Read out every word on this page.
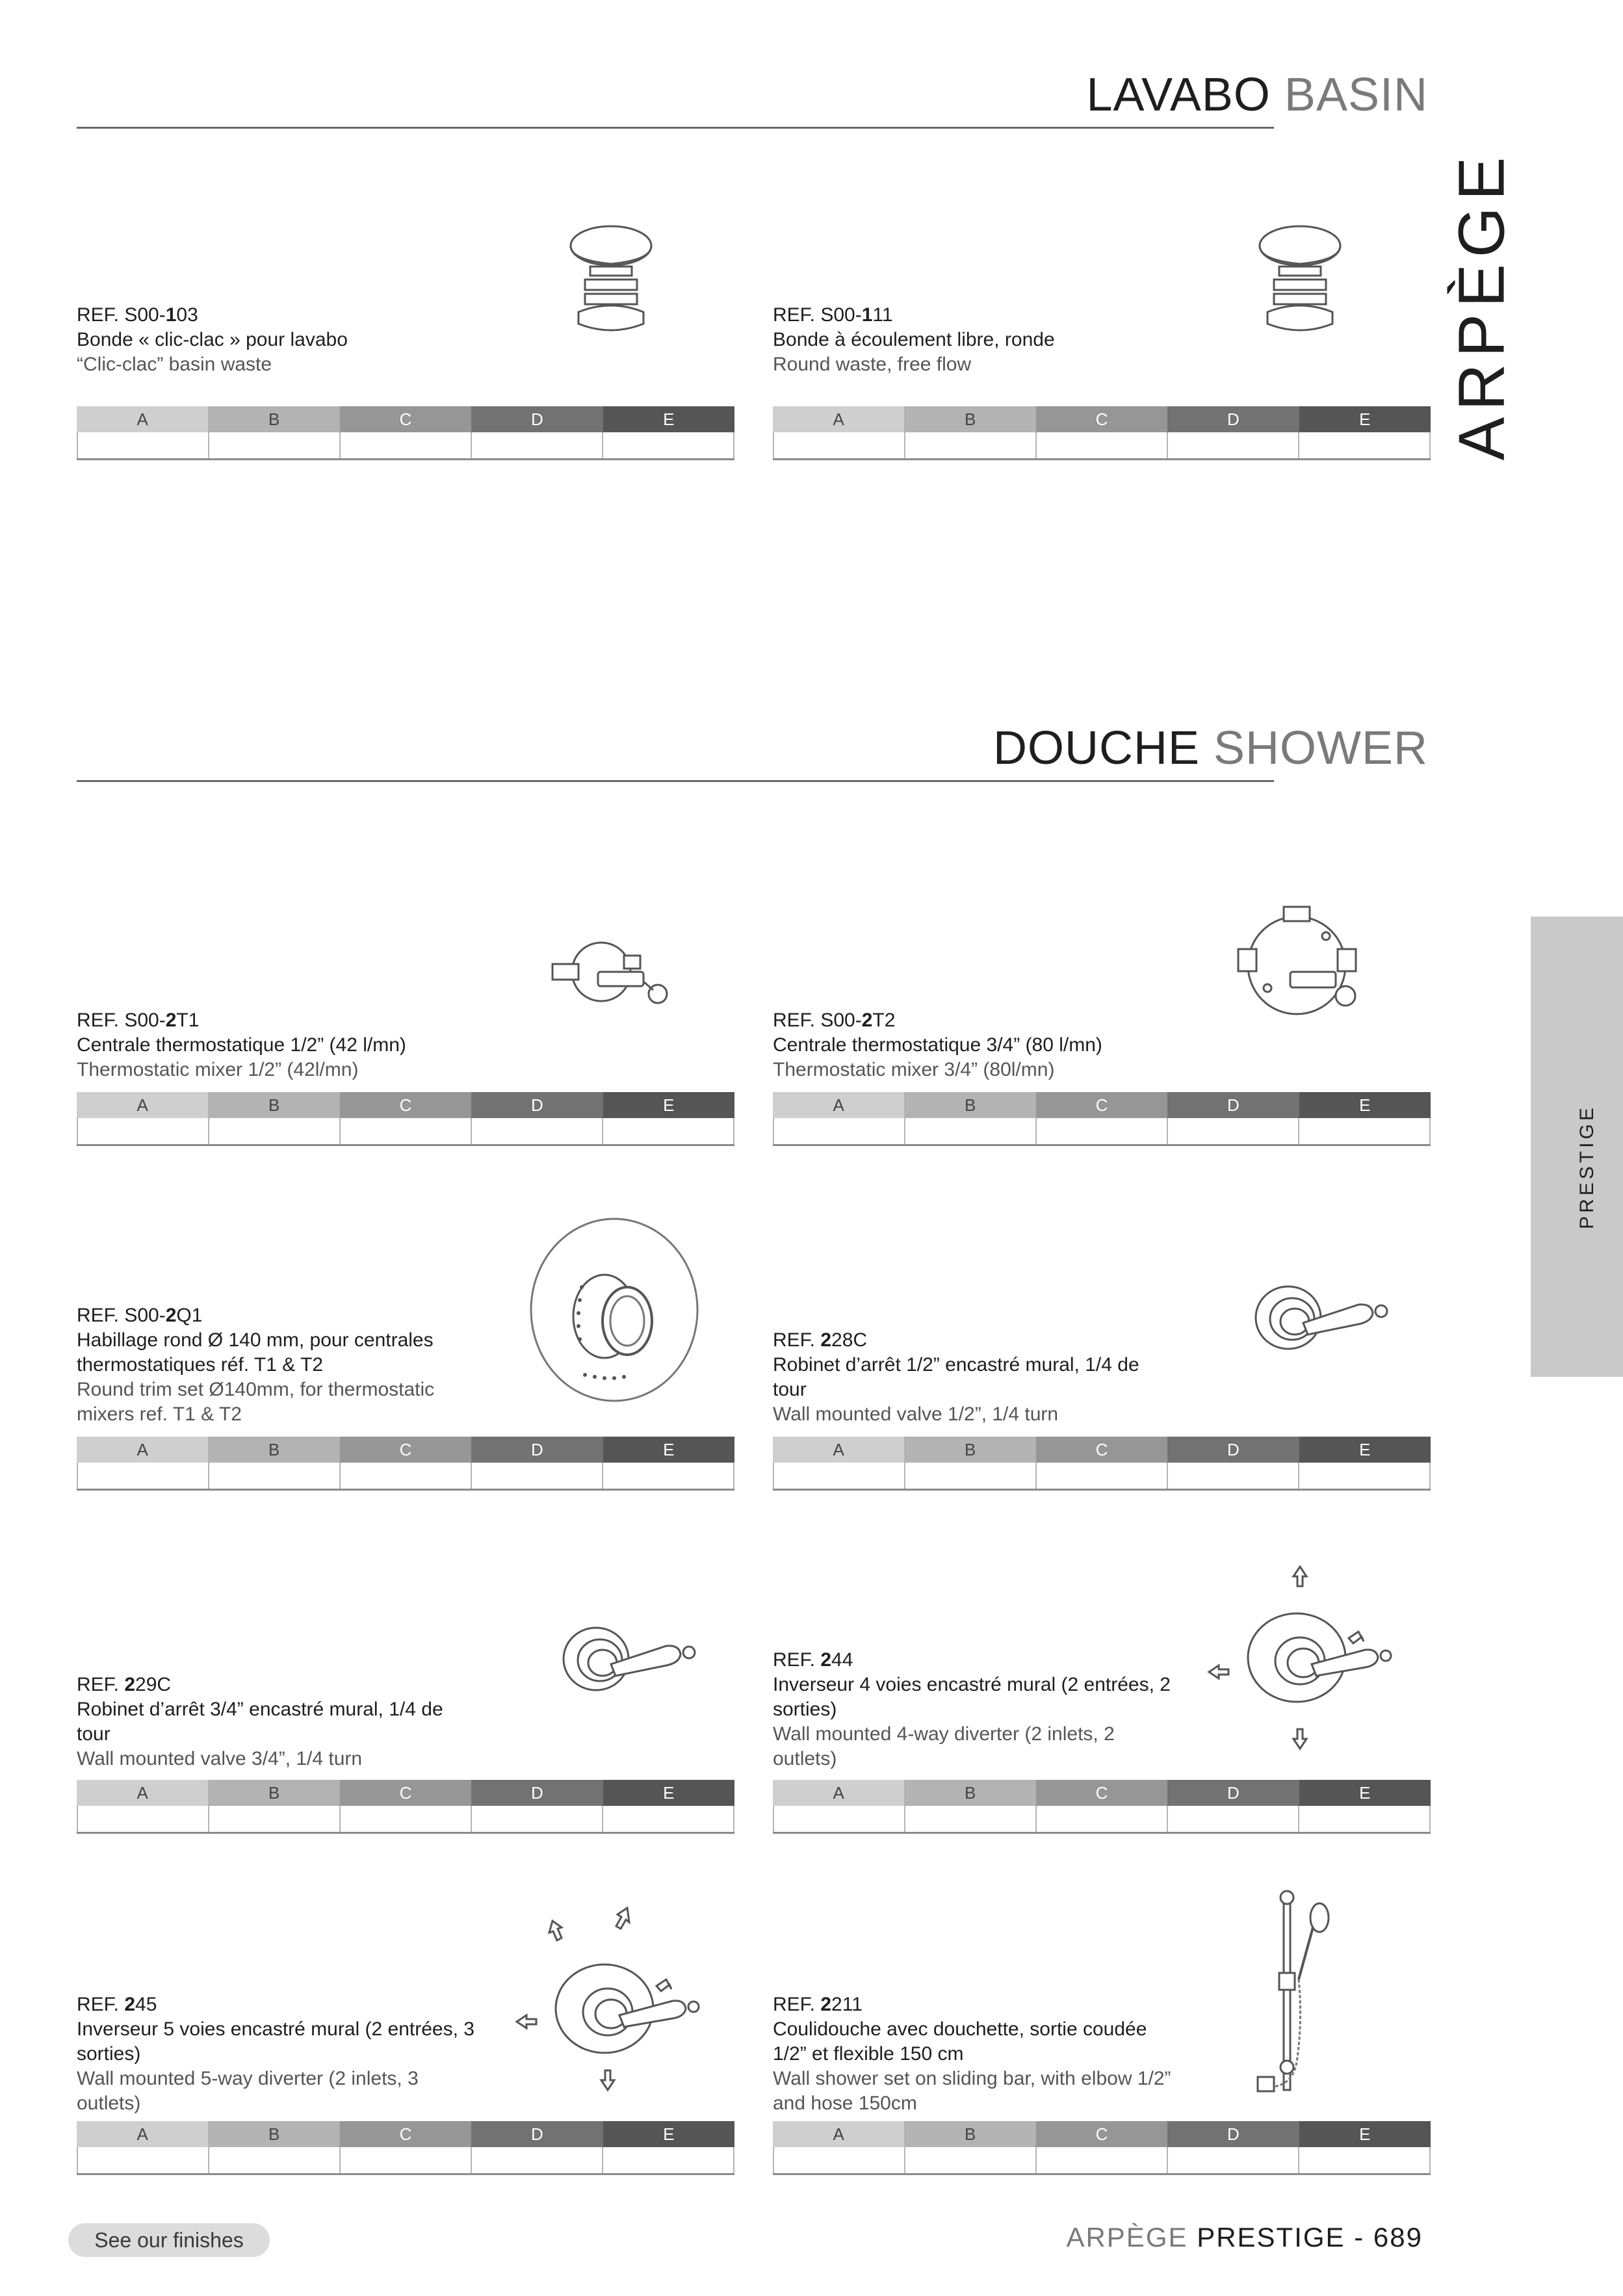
LAVABO BASIN
DOUCHE SHOWER
ARPÈGE
PRESTIGE
REF. S00-103
Bonde « clic-clac » pour lavabo
“Clic-clac” basin waste
A	B	C	D	E
REF. S00-111
Bonde à écoulement libre, ronde
Round waste, free flow
A	B	C	D	E
REF. S00-2T1
Centrale thermostatique 1/2” (42 l/mn)
Thermostatic mixer 1/2” (42l/mn)
A	B	C	D	E
REF. S00-2T2
Centrale thermostatique 3/4” (80 l/mn)
Thermostatic mixer 3/4” (80l/mn)
A	B	C	D	E
REF. S00-2Q1
Habillage rond Ø 140 mm, pour centrales thermostatiques réf. T1 & T2
Round trim set Ø140mm, for thermostatic mixers ref. T1 & T2
A	B	C	D	E
REF. 228C
Robinet d’arrêt 1/2” encastré mural, 1/4 de tour
Wall mounted valve 1/2”, 1/4 turn
A	B	C	D	E
REF. 229C
Robinet d’arrêt 3/4” encastré mural, 1/4 de tour
Wall mounted valve 3/4”, 1/4 turn
A	B	C	D	E
REF. 244
Inverseur 4 voies encastré mural (2 entrées, 2 sorties)
Wall mounted 4-way diverter (2 inlets, 2 outlets)
A	B	C	D	E
REF. 245
Inverseur 5 voies encastré mural (2 entrées, 3 sorties)
Wall mounted 5-way diverter (2 inlets, 3 outlets)
A	B	C	D	E
REF. 2211
Coulidouche avec douchette, sortie coudée 1/2” et flexible 150 cm
Wall shower set on sliding bar, with elbow 1/2” and hose 150cm
A	B	C	D	E
See our finishes	ARPÈGE PRESTIGE - 689
